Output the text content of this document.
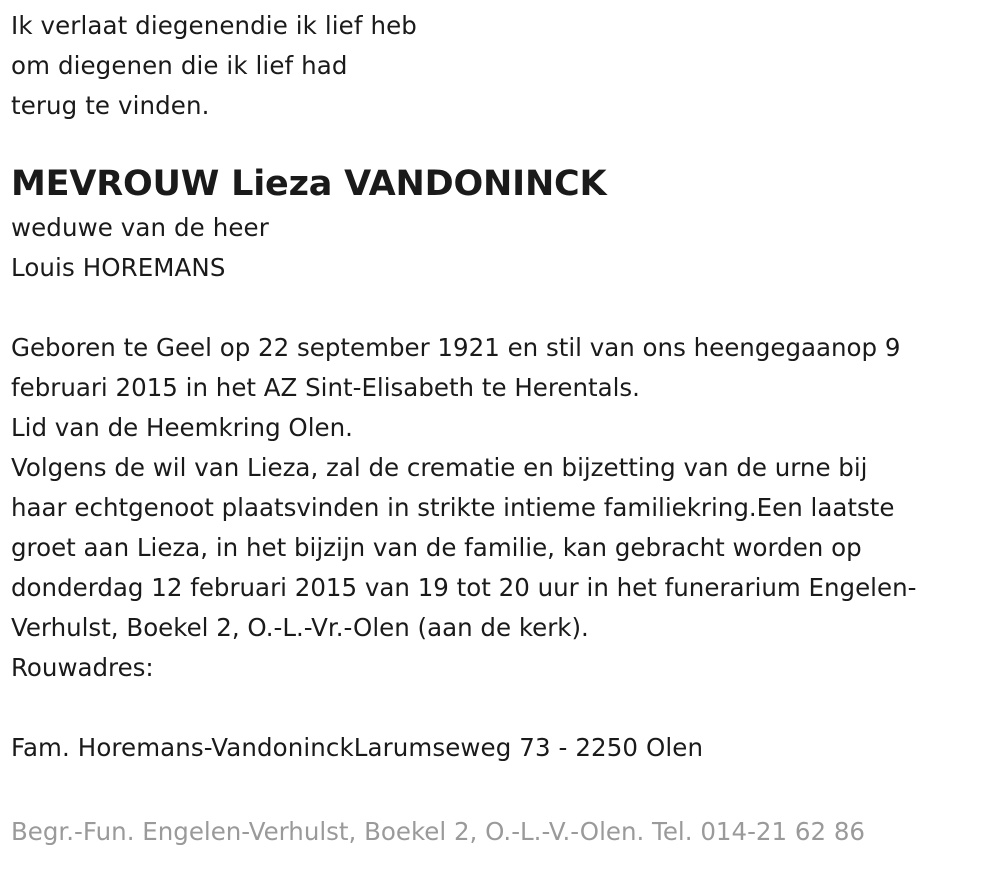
Ik verlaat diegenendie ik lief heb
om diegenen die ik lief had
terug te vinden.
MEVROUW Lieza VANDONINCK
weduwe van de heer
Louis HOREMANS
Geboren te Geel op 22 september 1921 en stil van ons heengegaanop 9
februari 2015 in het AZ Sint-Elisabeth te Herentals.
Lid van de Heemkring Olen.
Volgens de wil van Lieza, zal de crematie en bijzetting van de urne bij
haar echtgenoot plaatsvinden in strikte intieme familiekring.Een laatste
groet aan Lieza, in het bijzijn van de familie, kan gebracht worden op
donderdag 12 februari 2015 van 19 tot 20 uur in het funerarium Engelen-
Verhulst, Boekel 2, O.-L.-Vr.-Olen (aan de kerk).
Rouwadres:
Fam. Horemans-VandoninckLarumseweg 73 - 2250 Olen
Begr.-Fun. Engelen-Verhulst, Boekel 2, O.-L.-V.-Olen. Tel. 014-21 62 86
